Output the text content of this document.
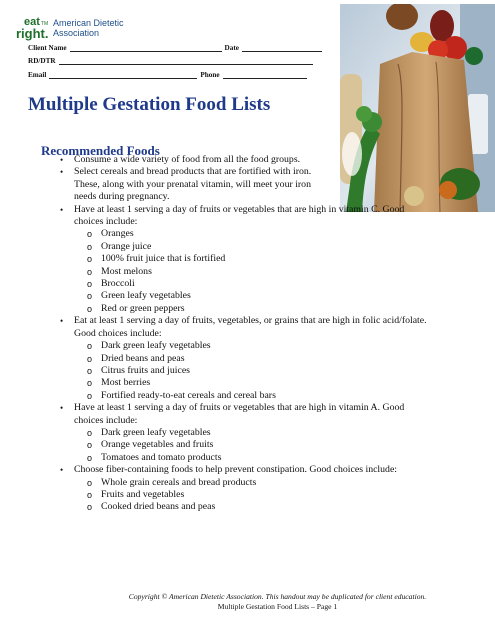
eat
right.
TM American Dietetic
Association
Client Name	Date
RD/DTR
Email	Phone
Multiple Gestation Food Lists
Recommended Foods
• Consume a wide variety of food from all the food groups.
• Select cereals and bread products that are fortified with iron.
These, along with your prenatal vitamin, will meet your iron
needs during pregnancy.
• Have at least 1 serving a day of fruits or vegetables that are high in vitamin C. Good
choices include:
o Oranges
o Orange juice
o 100% fruit juice that is fortified
o Most melons
o Broccoli
o Green leafy vegetables
o Red or green peppers
• Eat at least 1 serving a day of fruits, vegetables, or grains that are high in folic acid/folate.
Good choices include:
o Dark green leafy vegetables
o Dried beans and peas
o Citrus fruits and juices
o Most berries
o Fortified ready-to-eat cereals and cereal bars
• Have at least 1 serving a day of fruits or vegetables that are high in vitamin A. Good
choices include:
o Dark green leafy vegetables
o Orange vegetables and fruits
o Tomatoes and tomato products
• Choose fiber-containing foods to help prevent constipation. Good choices include:
o Whole grain cereals and bread products
o Fruits and vegetables
o Cooked dried beans and peas
Copyright © American Dietetic Association. This handout may be duplicated for client education.
Multiple Gestation Food Lists – Page 1
